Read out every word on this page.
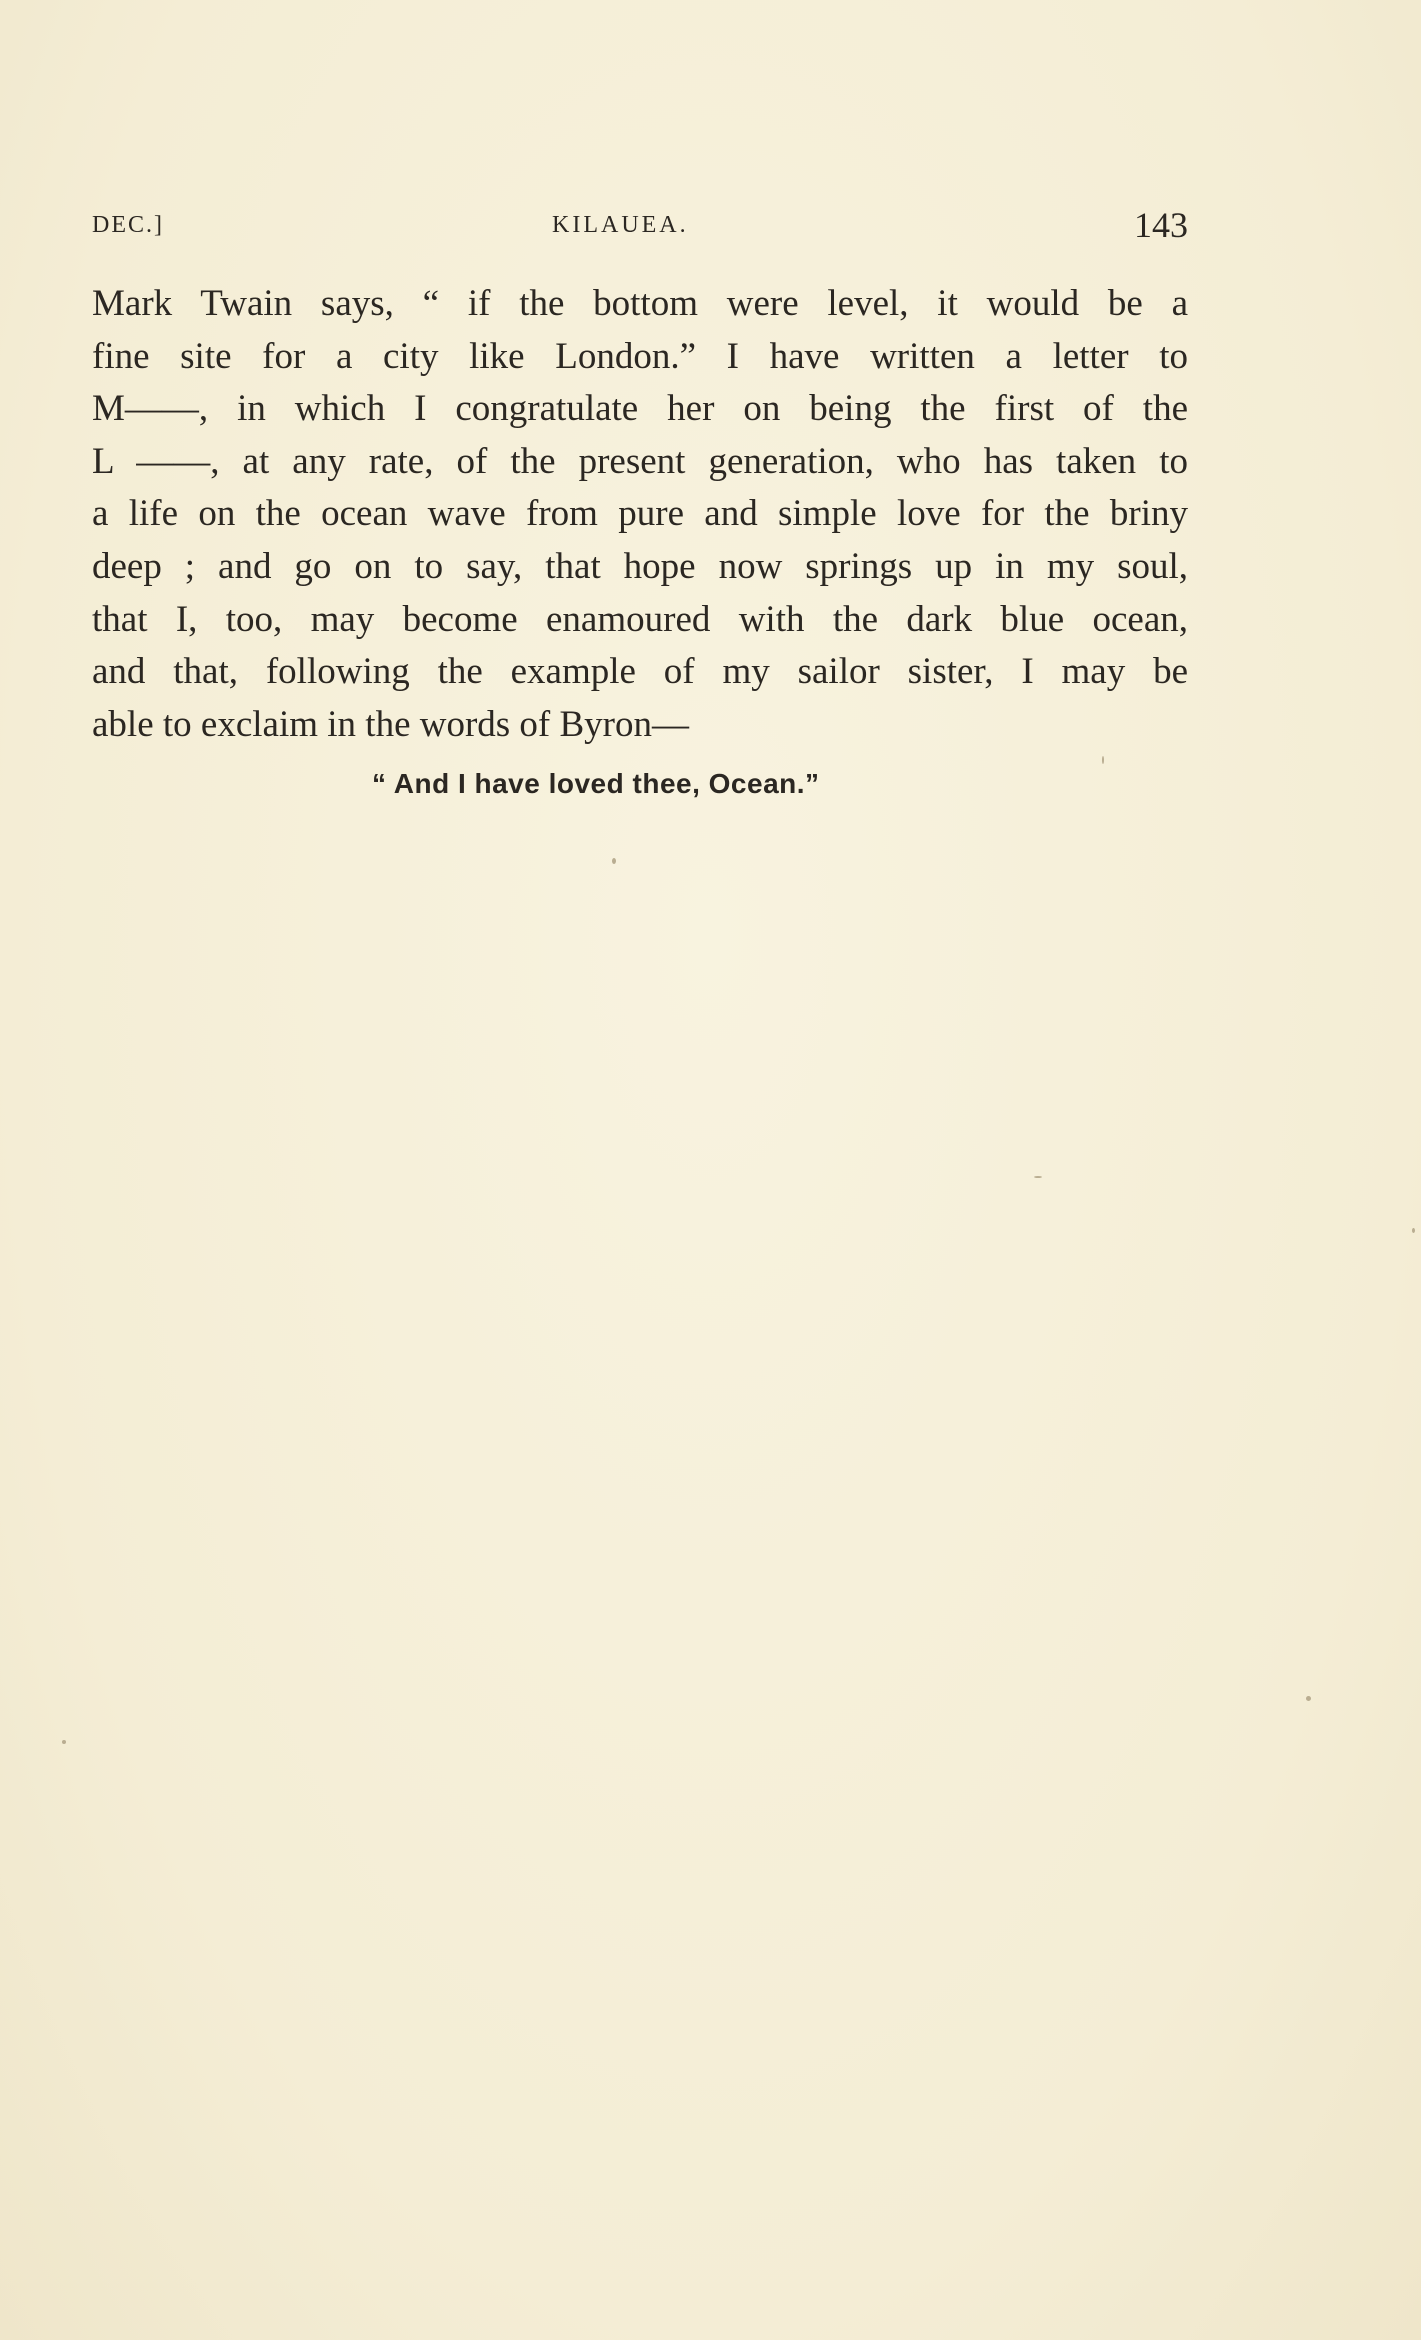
DEC.]	KILAUEA.	143
Mark Twain says, “ if the bottom were level, it would be a
fine site for a city like London.” I have written a letter to
M——, in which I congratulate her on being the first of the
L ——, at any rate, of the present generation, who has taken to
a life on the ocean wave from pure and simple love for the briny
deep ; and go on to say, that hope now springs up in my soul,
that I, too, may become enamoured with the dark blue ocean,
and that, following the example of my sailor sister, I may be
able to exclaim in the words of Byron—
“ And I have loved thee, Ocean.”
